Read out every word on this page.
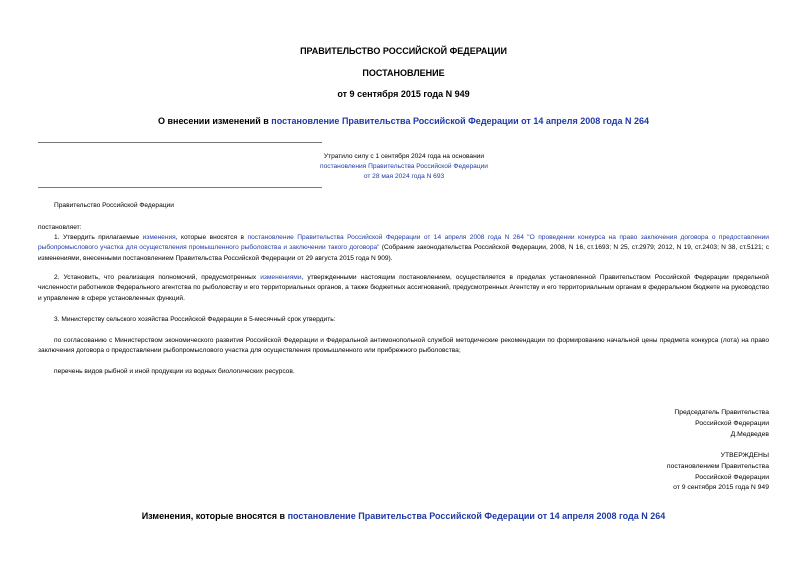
ПРАВИТЕЛЬСТВО РОССИЙСКОЙ ФЕДЕРАЦИИ
ПОСТАНОВЛЕНИЕ
от 9 сентября 2015 года N 949
О внесении изменений в постановление Правительства Российской Федерации от 14 апреля 2008 года N 264

Утратило силу с 1 сентября 2024 года на основании

постановления Правительства Российской Федерации

от 28 мая 2024 года N 693

Правительство Российской Федерации
постановляет:
1. Утвердить прилагаемые изменения, которые вносятся в постановление Правительства Российской Федерации от 14 апреля 2008 года N 264 "О проведении конкурса на право заключения договора о предоставлении рыбопромыслового участка для осуществления промышленного рыболовства и заключении такого договора" (Собрание законодательства Российской Федерации, 2008, N 16, ст.1693; N 25, ст.2979; 2012, N 19, ст.2403; N 38, ст.5121; с изменениями, внесенными постановлением Правительства Российской Федерации от 29 августа 2015 года N 909).
2. Установить, что реализация полномочий, предусмотренных изменениями, утвержденными настоящим постановлением, осуществляется в пределах установленной Правительством Российской Федерации предельной численности работников Федерального агентства по рыболовству и его территориальных органов, а также бюджетных ассигнований, предусмотренных Агентству и его территориальным органам в федеральном бюджете на руководство и управление в сфере установленных функций.
3. Министерству сельского хозяйства Российской Федерации в 5-месячный срок утвердить:
по согласованию с Министерством экономического развития Российской Федерации и Федеральной антимонопольной службой методические рекомендации по формированию начальной цены предмета конкурса (лота) на право заключения договора о предоставлении рыбопромыслового участка для осуществления промышленного или прибрежного рыболовства;
перечень видов рыбной и иной продукции из водных биологических ресурсов.

Председатель Правительства

Российской Федерации

Д.Медведев

УТВЕРЖДЕНЫ

постановлением Правительства

Российской Федерации

от 9 сентября 2015 года N 949

Изменения, которые вносятся в постановление Правительства Российской Федерации от 14 апреля 2008 года N 264
